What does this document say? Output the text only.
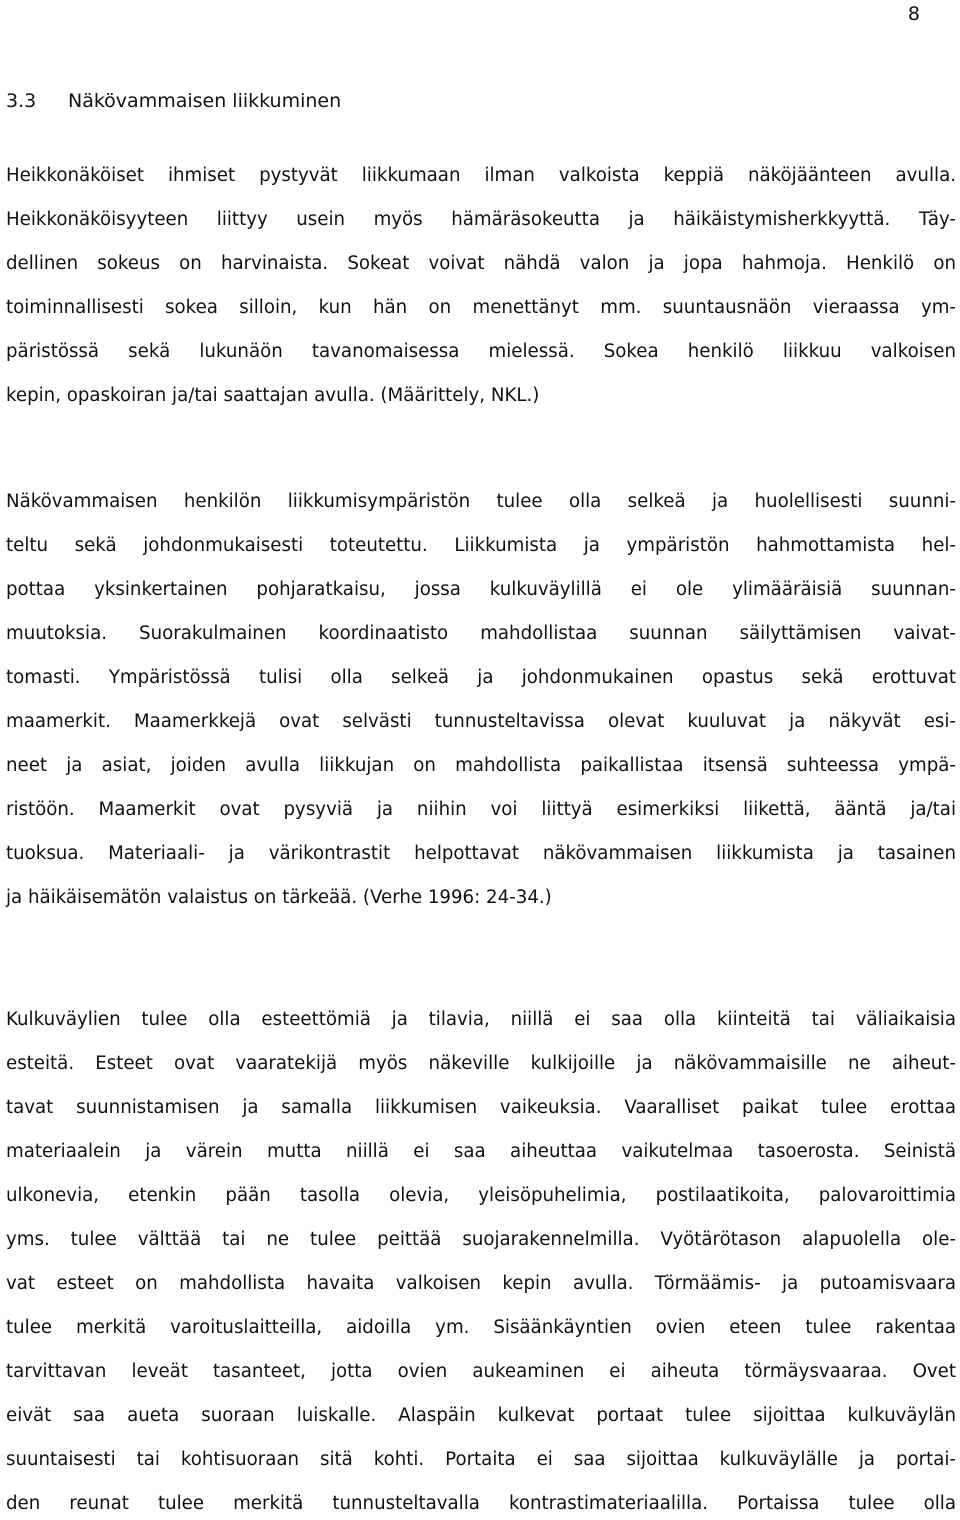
8
3.3 Näkövammaisen liikkuminen

Heikkonäköiset ihmiset pystyvät liikkumaan ilman valkoista keppiä näköjäänteen avulla.
Heikkonäköisyyteen liittyy usein myös hämäräsokeutta ja häikäistymisherkkyyttä. Täy-
dellinen sokeus on harvinaista. Sokeat voivat nähdä valon ja jopa hahmoja. Henkilö on
toiminnallisesti sokea silloin, kun hän on menettänyt mm. suuntausnäön vieraassa ym-
päristössä sekä lukunäön tavanomaisessa mielessä. Sokea henkilö liikkuu valkoisen
kepin, opaskoiran ja/tai saattajan avulla. (Määrittely, NKL.)

Näkövammaisen henkilön liikkumisympäristön tulee olla selkeä ja huolellisesti suunni-
teltu sekä johdonmukaisesti toteutettu. Liikkumista ja ympäristön hahmottamista hel-
pottaa yksinkertainen pohjaratkaisu, jossa kulkuväylillä ei ole ylimääräisiä suunnan-
muutoksia. Suorakulmainen koordinaatisto mahdollistaa suunnan säilyttämisen vaivat-
tomasti. Ympäristössä tulisi olla selkeä ja johdonmukainen opastus sekä erottuvat
maamerkit. Maamerkkejä ovat selvästi tunnusteltavissa olevat kuuluvat ja näkyvät esi-
neet ja asiat, joiden avulla liikkujan on mahdollista paikallistaa itsensä suhteessa ympä-
ristöön. Maamerkit ovat pysyviä ja niihin voi liittyä esimerkiksi liikettä, ääntä ja/tai
tuoksua. Materiaali- ja värikontrastit helpottavat näkövammaisen liikkumista ja tasainen
ja häikäisemätön valaistus on tärkeää. (Verhe 1996: 24-34.)

Kulkuväylien tulee olla esteettömiä ja tilavia, niillä ei saa olla kiinteitä tai väliaikaisia
esteitä. Esteet ovat vaaratekijä myös näkeville kulkijoille ja näkövammaisille ne aiheut-
tavat suunnistamisen ja samalla liikkumisen vaikeuksia. Vaaralliset paikat tulee erottaa
materiaalein ja värein mutta niillä ei saa aiheuttaa vaikutelmaa tasoerosta. Seinistä
ulkonevia, etenkin pään tasolla olevia, yleisöpuhelimia, postilaatikoita, palovaroittimia
yms. tulee välttää tai ne tulee peittää suojarakennelmilla. Vyötärötason alapuolella ole-
vat esteet on mahdollista havaita valkoisen kepin avulla. Törmäämis- ja putoamisvaara
tulee merkitä varoituslaitteilla, aidoilla ym. Sisäänkäyntien ovien eteen tulee rakentaa
tarvittavan leveät tasanteet, jotta ovien aukeaminen ei aiheuta törmäysvaaraa. Ovet
eivät saa aueta suoraan luiskalle. Alaspäin kulkevat portaat tulee sijoittaa kulkuväylän
suuntaisesti tai kohtisuoraan sitä kohti. Portaita ei saa sijoittaa kulkuväylälle ja portai-
den reunat tulee merkitä tunnusteltavalla kontrastimateriaalilla. Portaissa tulee olla
